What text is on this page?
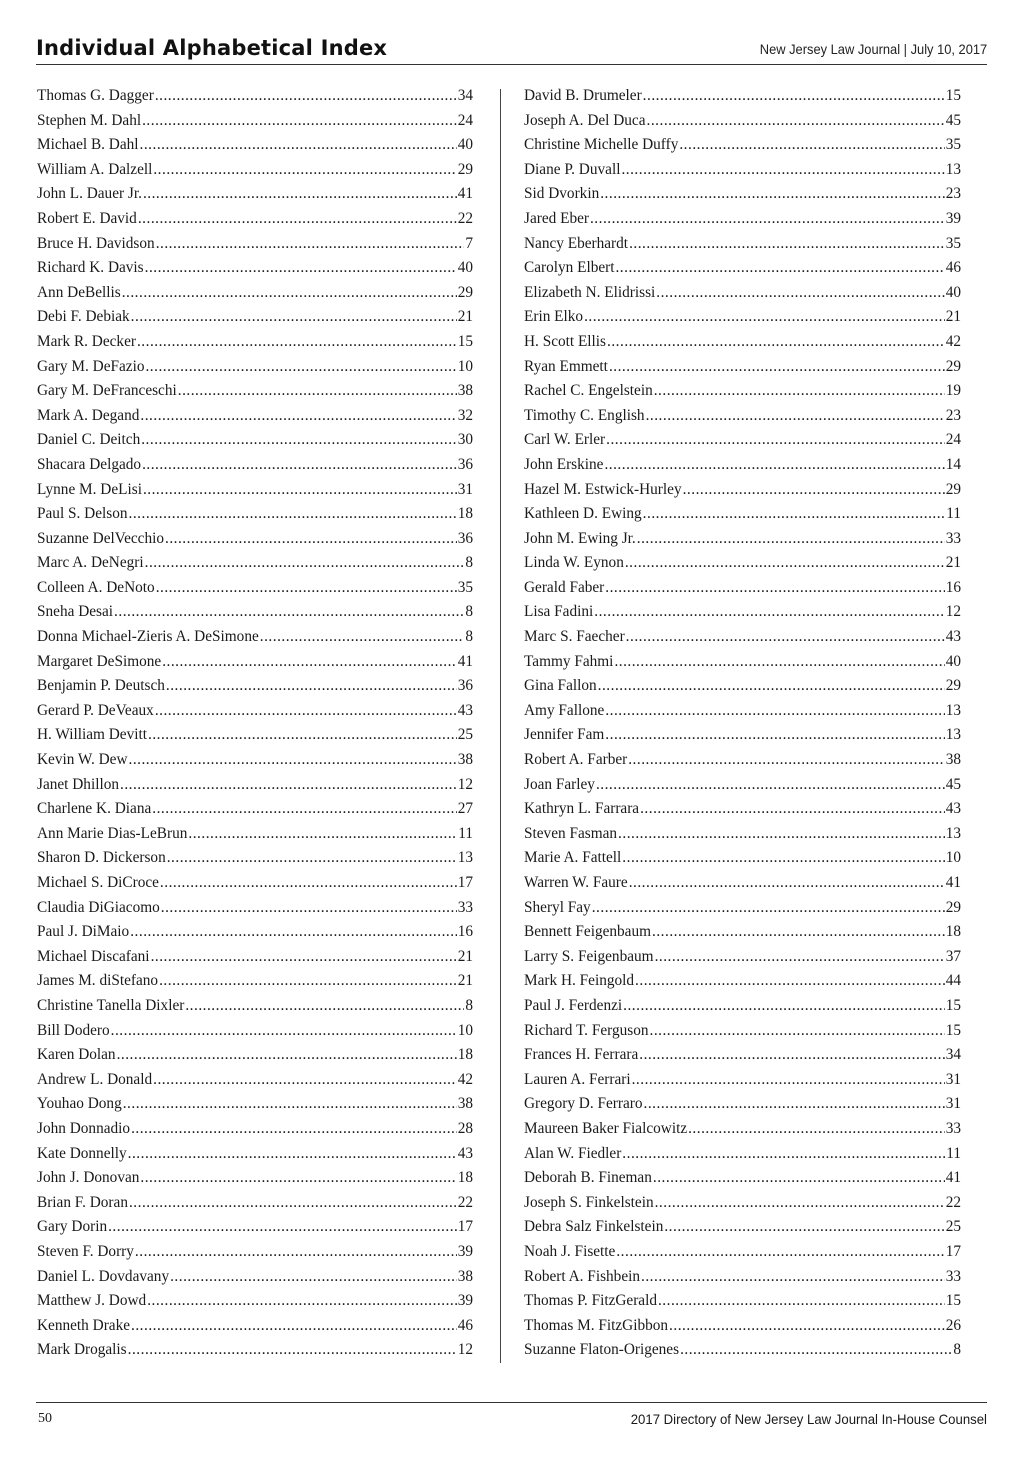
Individual Alphabetical Index	New Jersey Law Journal | July 10, 2017
Thomas G. Dagger .....	34
Stephen M. Dahl .....	24
Michael B. Dahl .....	40
William A. Dalzell .....	29
John L. Dauer Jr. .....	41
Robert E. David .....	22
Bruce H. Davidson .....	7
Richard K. Davis .....	40
Ann DeBellis .....	29
Debi F. Debiak .....	21
Mark R. Decker .....	15
Gary M. DeFazio .....	10
Gary M. DeFranceschi .....	38
Mark A. Degand .....	32
Daniel C. Deitch .....	30
Shacara Delgado .....	36
Lynne M. DeLisi .....	31
Paul S. Delson .....	18
Suzanne DelVecchio .....	36
Marc A. DeNegri .....	8
Colleen A. DeNoto .....	35
Sneha Desai .....	8
Donna Michael-Zieris A. DeSimone .....	8
Margaret DeSimone .....	41
Benjamin P. Deutsch .....	36
Gerard P. DeVeaux .....	43
H. William Devitt .....	25
Kevin W. Dew .....	38
Janet Dhillon .....	12
Charlene K. Diana .....	27
Ann Marie Dias-LeBrun .....	11
Sharon D. Dickerson .....	13
Michael S. DiCroce .....	17
Claudia DiGiacomo .....	33
Paul J. DiMaio .....	16
Michael Discafani .....	21
James M. diStefano .....	21
Christine Tanella Dixler .....	8
Bill Dodero .....	10
Karen Dolan .....	18
Andrew L. Donald .....	42
Youhao Dong .....	38
John Donnadio .....	28
Kate Donnelly .....	43
John J. Donovan .....	18
Brian F. Doran .....	22
Gary Dorin .....	17
Steven F. Dorry .....	39
Daniel L. Dovdavany .....	38
Matthew J. Dowd .....	39
Kenneth Drake .....	46
Mark Drogalis .....	12
David B. Drumeler .....	15
Joseph A. Del Duca .....	45
Christine Michelle Duffy .....	35
Diane P. Duvall .....	13
Sid Dvorkin .....	23
Jared Eber .....	39
Nancy Eberhardt .....	35
Carolyn Elbert .....	46
Elizabeth N. Elidrissi .....	40
Erin Elko .....	21
H. Scott Ellis .....	42
Ryan Emmett .....	29
Rachel C. Engelstein .....	19
Timothy C. English .....	23
Carl W. Erler .....	24
John Erskine .....	14
Hazel M. Estwick-Hurley .....	29
Kathleen D. Ewing .....	11
John M. Ewing Jr. .....	33
Linda W. Eynon .....	21
Gerald Faber .....	16
Lisa Fadini .....	12
Marc S. Faecher .....	43
Tammy Fahmi .....	40
Gina Fallon .....	29
Amy Fallone .....	13
Jennifer Fam .....	13
Robert A. Farber .....	38
Joan Farley .....	45
Kathryn L. Farrara .....	43
Steven Fasman .....	13
Marie A. Fattell .....	10
Warren W. Faure .....	41
Sheryl Fay .....	29
Bennett Feigenbaum .....	18
Larry S. Feigenbaum .....	37
Mark H. Feingold .....	44
Paul J. Ferdenzi .....	15
Richard T. Ferguson .....	15
Frances H. Ferrara .....	34
Lauren A. Ferrari .....	31
Gregory D. Ferraro .....	31
Maureen Baker Fialcowitz .....	33
Alan W. Fiedler .....	11
Deborah B. Fineman .....	41
Joseph S. Finkelstein .....	22
Debra Salz Finkelstein .....	25
Noah J. Fisette .....	17
Robert A. Fishbein .....	33
Thomas P. FitzGerald .....	15
Thomas M. FitzGibbon .....	26
Suzanne Flaton-Origenes .....	8
50	2017 Directory of New Jersey Law Journal In-House Counsel
